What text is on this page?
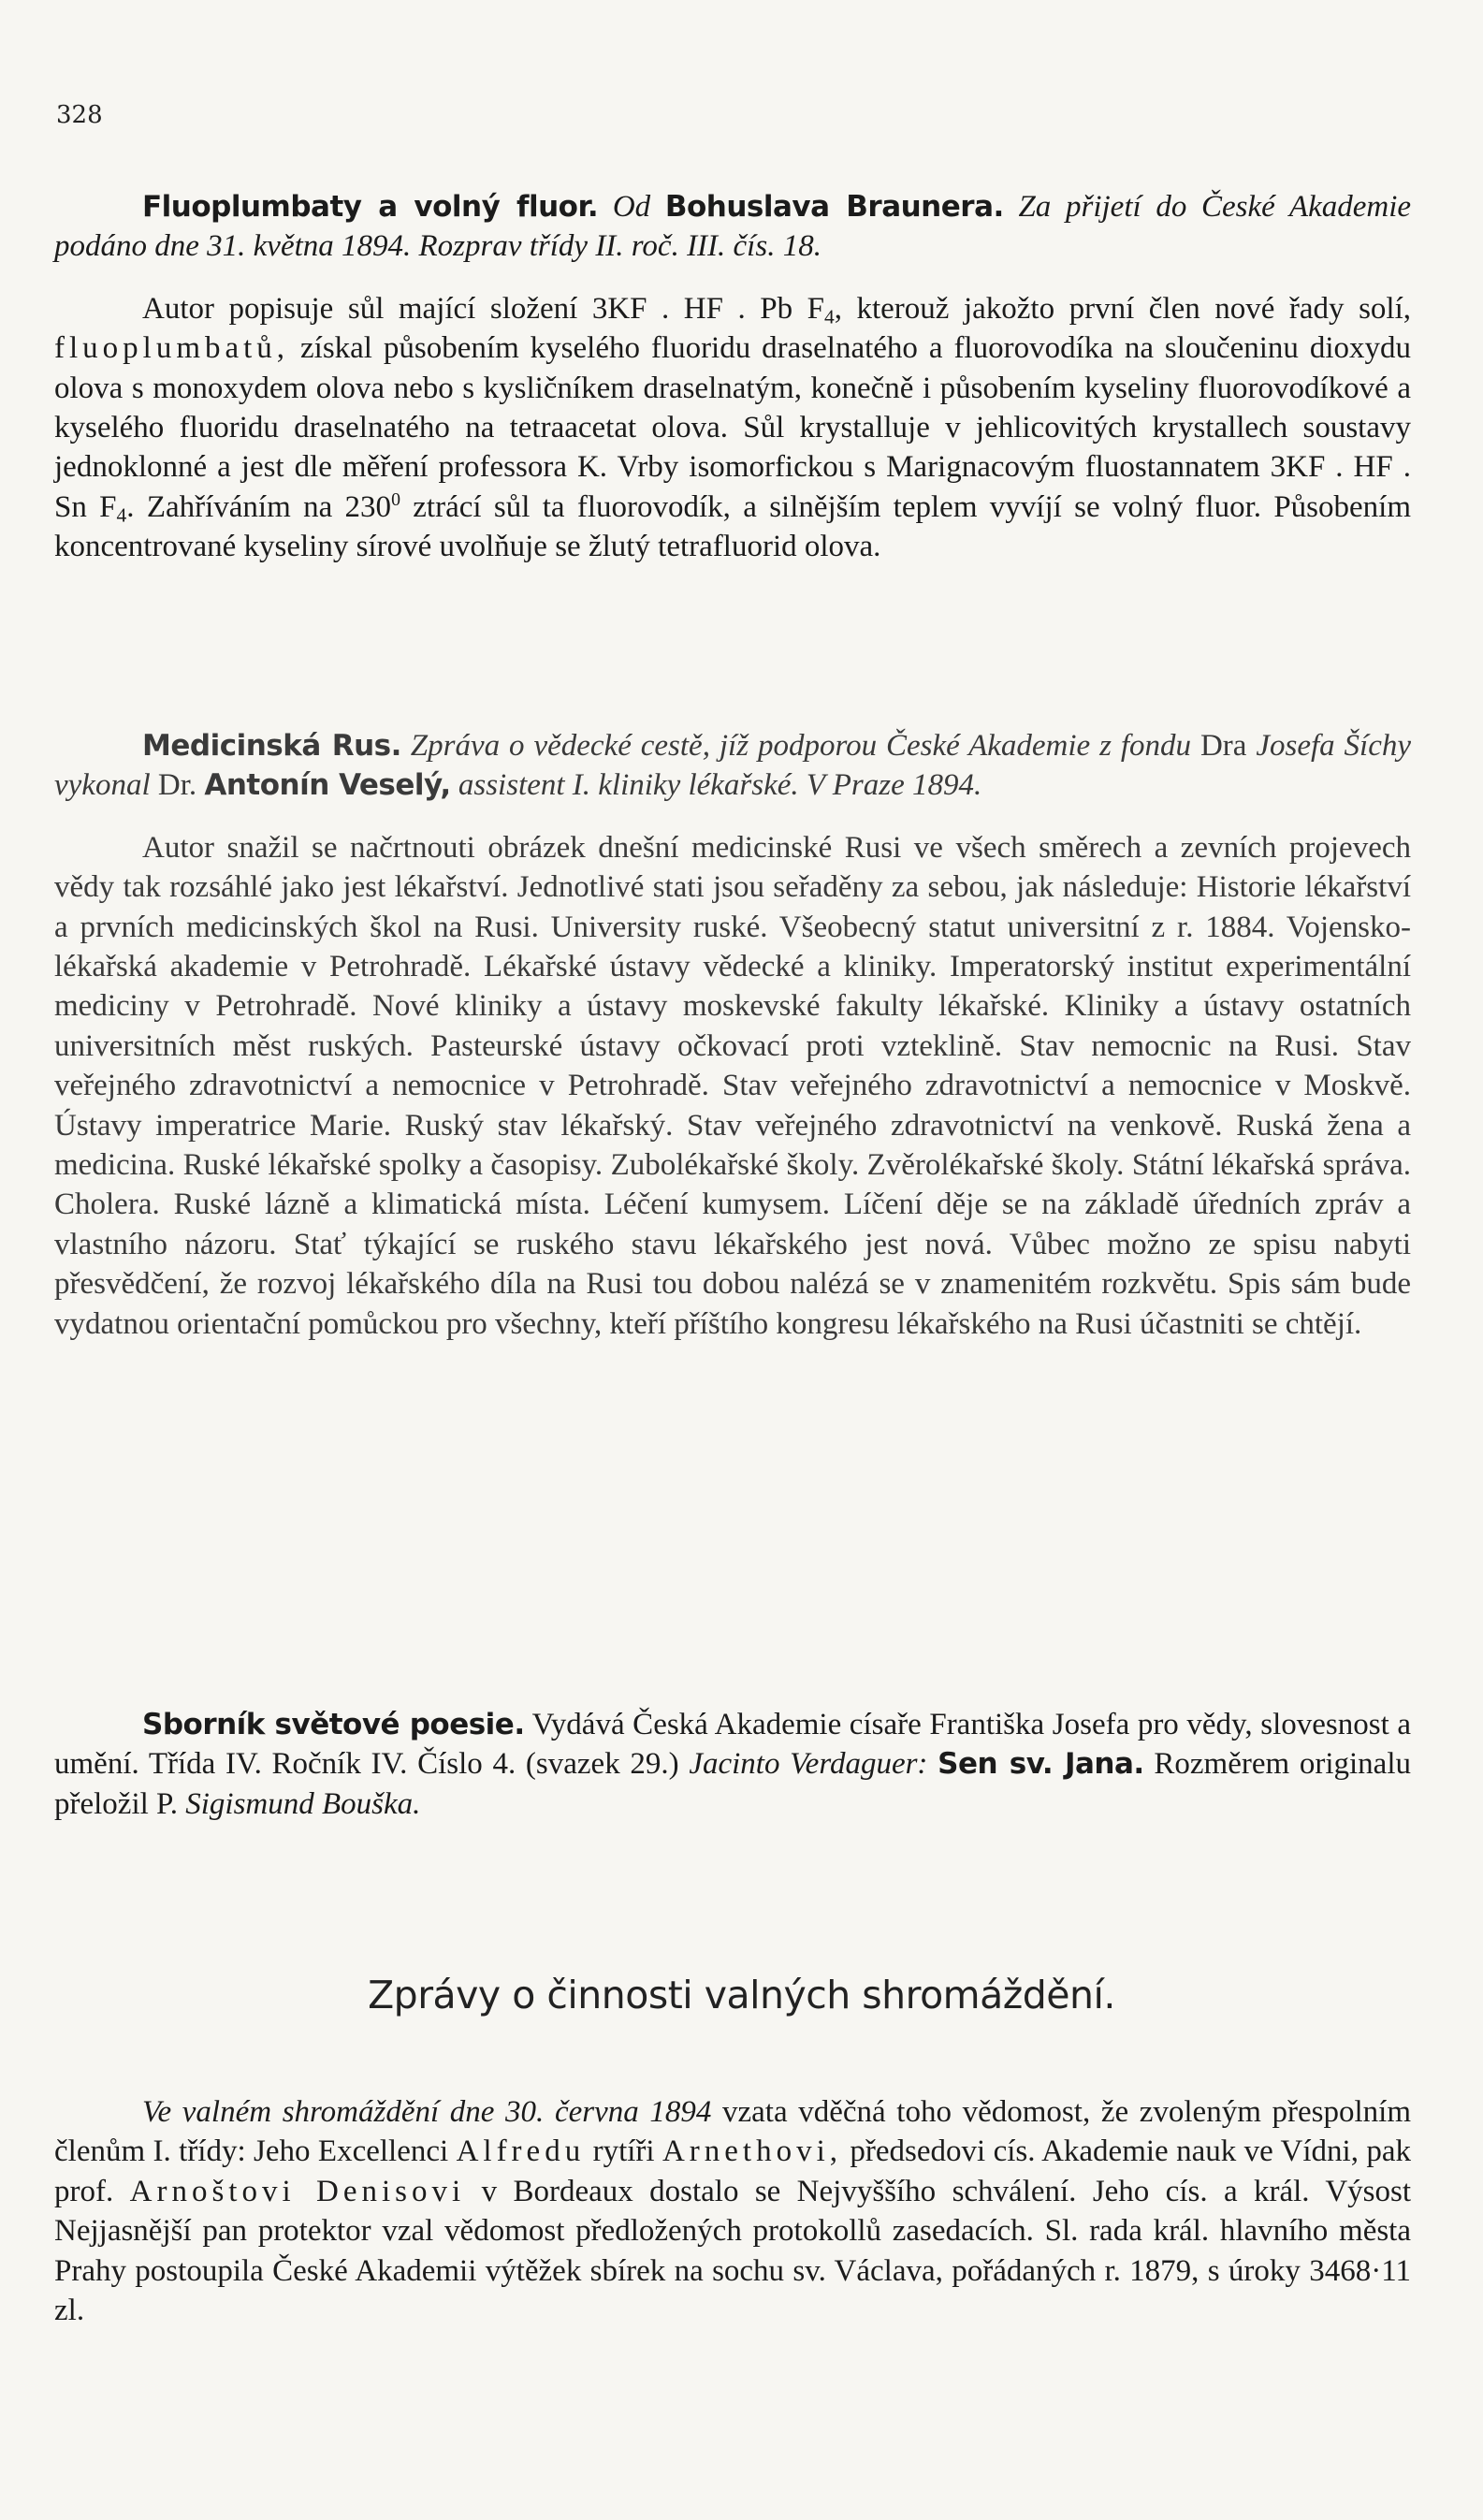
328

Fluoplumbaty a volný fluor. Od Bohuslava Braunera. Za přijetí do České Akademie podáno dne 31. května 1894. Rozprav třídy II. roč. III. čís. 18.

Autor popisuje sůl mající složení 3KF . HF . Pb $F_4$, kterouž jakožto první člen nové řady solí, fluoplumbatů, získal působením kyselého fluoridu draselnatého a fluorovodíka na sloučeninu dioxydu olova s monoxydem olova nebo s kysličníkem draselnatým, konečně i působením kyseliny fluorovodíkové a kyselého fluoridu draselnatého na tetraacetat olova. Sůl krystalluje v jehlicovitých krystallech soustavy jednoklonné a jest dle měření professora K. Vrby isomorfickou s Marignacovým fluostannatem 3KF . HF . Sn $F_4$. Zahříváním na $230^0$ ztrácí sůl ta fluorovodík, a silnějším teplem vyvíjí se volný fluor. Působením koncentrované kyseliny sírové uvolňuje se žlutý tetrafluorid olova.

Medicinská Rus. Zpráva o vědecké cestě, jíž podporou České Akademie z fondu Dra Josefa Šíchy vykonal Dr. Antonín Veselý, assistent I. kliniky lékařské. V Praze 1894.

Autor snažil se načrtnouti obrázek dnešní medicinské Rusi ve všech směrech a zevních projevech vědy tak rozsáhlé jako jest lékařství. Jednotlivé stati jsou seřaděny za sebou, jak následuje: Historie lékařství a prvních medicinských škol na Rusi. University ruské. Všeobecný statut universitní z r. 1884. Vojensko-lékařská akademie v Petrohradě. Lékařské ústavy vědecké a kliniky. Imperatorský institut experimentální mediciny v Petrohradě. Nové kliniky a ústavy moskevské fakulty lékařské. Kliniky a ústavy ostatních universitních měst ruských. Pasteurské ústavy očkovací proti vzteklině. Stav nemocnic na Rusi. Stav veřejného zdravotnictví a nemocnice v Petrohradě. Stav veřejného zdravotnictví a nemocnice v Moskvě. Ústavy imperatrice Marie. Ruský stav lékařský. Stav veřejného zdravotnictví na venkově. Ruská žena a medicina. Ruské lékařské spolky a časopisy. Zubolékařské školy. Zvěrolékařské školy. Státní lékařská správa. Cholera. Ruské lázně a klimatická místa. Léčení kumysem. Líčení děje se na základě úředních zpráv a vlastního názoru. Stať týkající se ruského stavu lékařského jest nová. Vůbec možno ze spisu nabyti přesvědčení, že rozvoj lékařského díla na Rusi tou dobou nalézá se v znamenitém rozkvětu. Spis sám bude vydatnou orientační pomůckou pro všechny, kteří příštího kongresu lékařského na Rusi účastniti se chtějí.

Sborník světové poesie. Vydává Česká Akademie císaře Františka Josefa pro vědy, slovesnost a umění. Třída IV. Ročník IV. Číslo 4. (svazek 29.) Jacinto Verdaguer: Sen sv. Jana. Rozměrem originalu přeložil P. Sigismund Bouška.

Zprávy o činnosti valných shromáždění.

Ve valném shromáždění dne 30. června 1894 vzata vděčná toho vědomost, že zvoleným přespolním členům I. třídy: Jeho Excellenci Alfredu rytíři Arnethovi, předsedovi cís. Akademie nauk ve Vídni, pak prof. Arnoštovi Denisovi v Bordeaux dostalo se Nejvyššího schválení. Jeho cís. a král. Výsost Nejjasnější pan protektor vzal vědomost předložených protokollů zasedacích. Sl. rada král. hlavního města Prahy postoupila České Akademii výtěžek sbírek na sochu sv. Václava, pořádaných r. 1879, s úroky 3468·11 zl.
